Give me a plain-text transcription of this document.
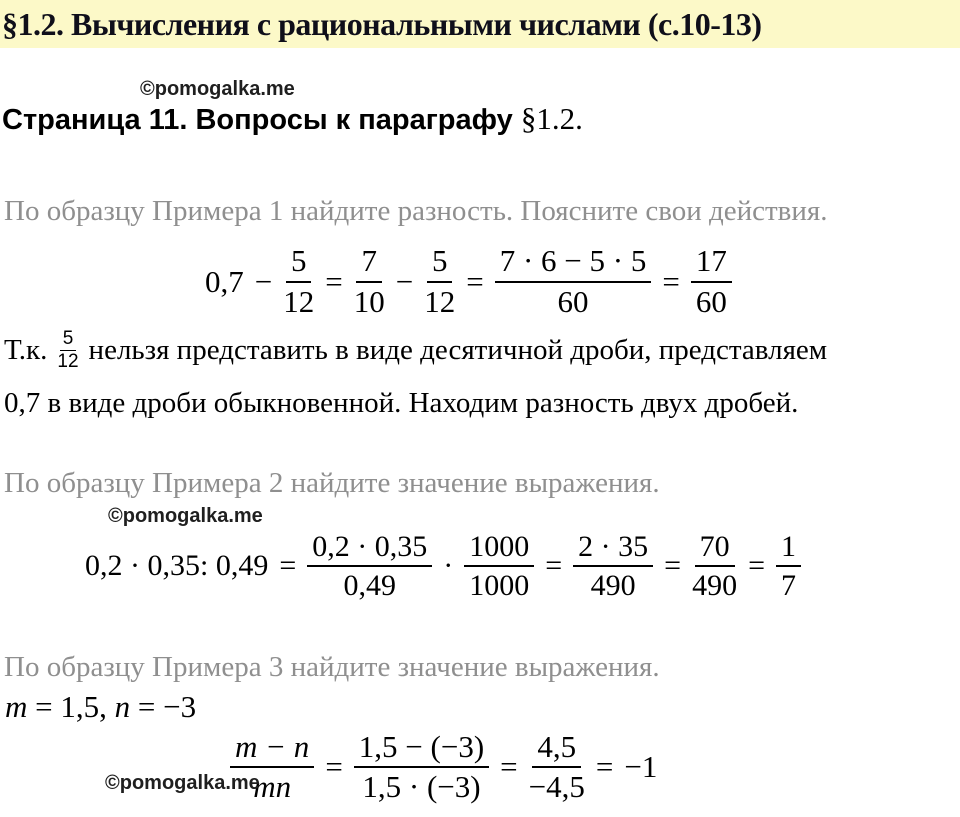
§1.2. Вычисления с рациональными числами (с.10-13)
©pomogalka.me
Страница 11. Вопросы к параграфу §1.2.
По образцу Примера 1 найдите разность. Поясните свои действия.
$0,7 - \frac{5}{12} = \frac{7}{10} - \frac{5}{12} = \frac{7 \cdot 6 - 5 \cdot 5}{60} = \frac{17}{60}$
Т.к. $\frac{5}{12}$ нельзя представить в виде десятичной дроби, представляем
0,7 в виде дроби обыкновенной. Находим разность двух дробей.
По образцу Примера 2 найдите значение выражения.
©pomogalka.me
0,2 · 0,35: $0,49 = \frac{0,2 \cdot 0,35}{0,49} \cdot \frac{1000}{1000} = \frac{2 \cdot 35}{490} = \frac{70}{490} = \frac{1}{7}$
По образцу Примера 3 найдите значение выражения.
m = 1,5, n = −3
©pomogalka.me
$\frac{m - n}{mn} = \frac{1,5 - (-3)}{1,5 \cdot (-3)} = \frac{4,5}{-4,5} = -1$
